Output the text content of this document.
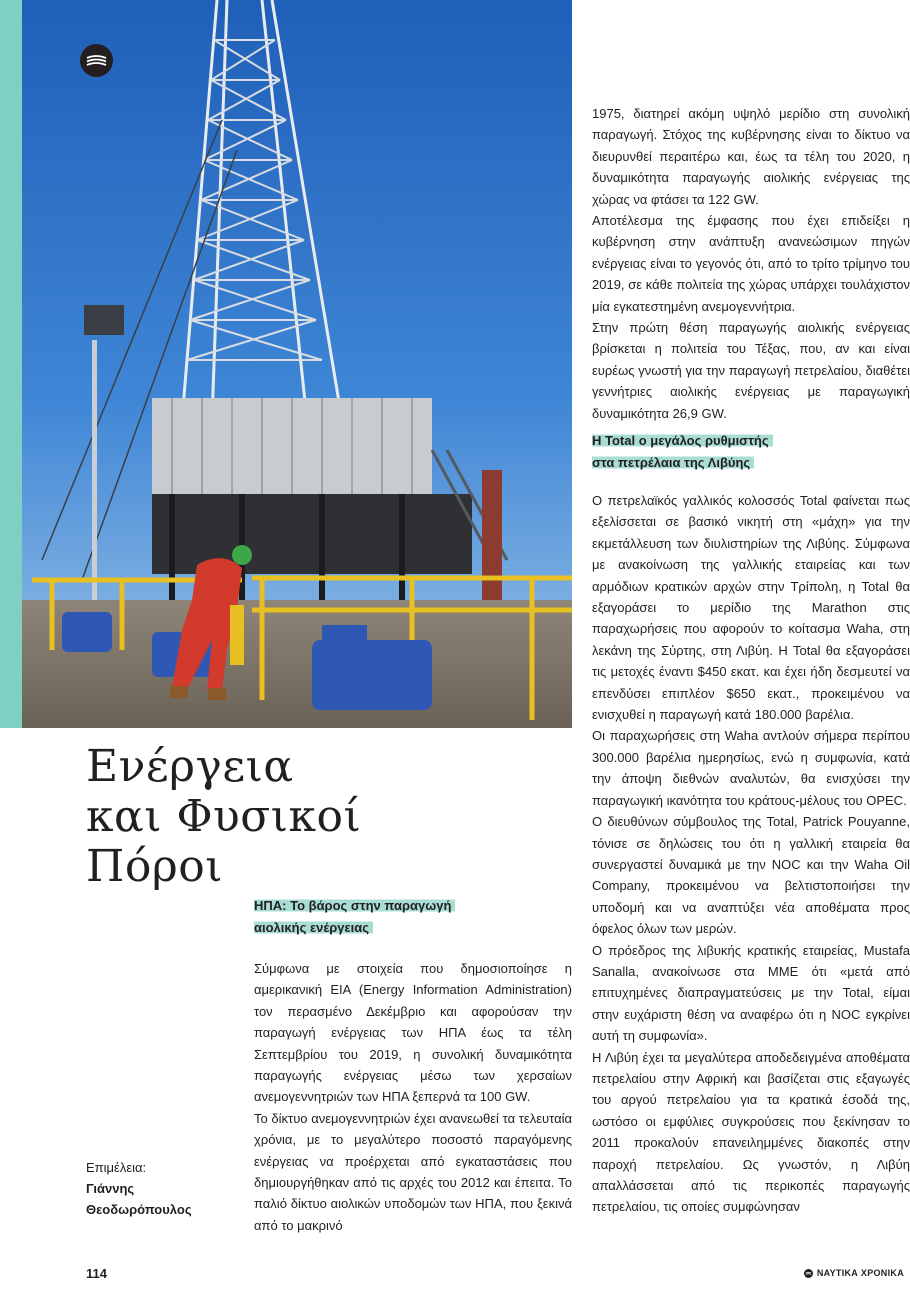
Ενέργεια
και Φυσικοί
Πόροι
Επιμέλεια:
Γιάννης
Θεοδωρόπουλος
ΗΠΑ: Το βάρος στην παραγωγή
αιολικής ενέργειας

Σύμφωνα με στοιχεία που δημοσιοποίησε η αμερικανική EIA (Energy Information Administration) τον περασμένο Δεκέμβριο και αφορούσαν την παραγωγή ενέργειας των ΗΠΑ έως τα τέλη Σεπτεμβρίου του 2019, η συνολική δυναμικότητα παραγωγής ενέργειας μέσω των χερσαίων ανεμογεννητριών των ΗΠΑ ξεπερνά τα 100 GW.

Το δίκτυο ανεμογεννητριών έχει ανανεωθεί τα τελευταία χρόνια, με το μεγαλύτερο ποσοστό παραγόμενης ενέργειας να προέρχεται από εγκαταστάσεις που δημιουργήθηκαν από τις αρχές του 2012 και έπειτα. Το παλιό δίκτυο αιολικών υποδομών των ΗΠΑ, που ξεκινά από το μακρινό

1975, διατηρεί ακόμη υψηλό μερίδιο στη συνολική παραγωγή. Στόχος της κυβέρνησης είναι το δίκτυο να διευρυνθεί περαιτέρω και, έως τα τέλη του 2020, η δυναμικότητα παραγωγής αιολικής ενέργειας της χώρας να φτάσει τα 122 GW.

Αποτέλεσμα της έμφασης που έχει επιδείξει η κυβέρνηση στην ανάπτυξη ανανεώσιμων πηγών ενέργειας είναι το γεγονός ότι, από το τρίτο τρίμηνο του 2019, σε κάθε πολιτεία της χώρας υπάρχει τουλάχιστον μία εγκατεστημένη ανεμογεννήτρια.

Στην πρώτη θέση παραγωγής αιολικής ενέργειας βρίσκεται η πολιτεία του Τέξας, που, αν και είναι ευρέως γνωστή για την παραγωγή πετρελαίου, διαθέτει γεννήτριες αιολικής ενέργειας με παραγωγική δυναμικότητα 26,9 GW.

Η Total ο μεγάλος ρυθμιστής
στα πετρέλαια της Λιβύης

Ο πετρελαϊκός γαλλικός κολοσσός Total φαίνεται πως εξελίσσεται σε βασικό νικητή στη «μάχη» για την εκμετάλλευση των διυλιστηρίων της Λιβύης. Σύμφωνα με ανακοίνωση της γαλλικής εταιρείας και των αρμόδιων κρατικών αρχών στην Τρίπολη, η Total θα εξαγοράσει το μερίδιο της Marathon στις παραχωρήσεις που αφορούν το κοίτασμα Waha, στη λεκάνη της Σύρτης, στη Λιβύη. Η Total θα εξαγοράσει τις μετοχές έναντι $450 εκατ. και έχει ήδη δεσμευτεί να επενδύσει επιπλέον $650 εκατ., προκειμένου να ενισχυθεί η παραγωγή κατά 180.000 βαρέλια.

Οι παραχωρήσεις στη Waha αντλούν σήμερα περίπου 300.000 βαρέλια ημερησίως, ενώ η συμφωνία, κατά την άποψη διεθνών αναλυτών, θα ενισχύσει την παραγωγική ικανότητα του κράτους-μέλους του OPEC.

Ο διευθύνων σύμβουλος της Total, Patrick Pouyanne, τόνισε σε δηλώσεις του ότι η γαλλική εταιρεία θα συνεργαστεί δυναμικά με την NOC και την Waha Oil Company, προκειμένου να βελτιστοποιήσει την υποδομή και να αναπτύξει νέα αποθέματα προς όφελος όλων των μερών.

Ο πρόεδρος της λιβυκής κρατικής εταιρείας, Mustafa Sanalla, ανακοίνωσε στα ΜΜΕ ότι «μετά από επιτυχημένες διαπραγματεύσεις με την Total, είμαι στην ευχάριστη θέση να αναφέρω ότι η NOC εγκρίνει αυτή τη συμφωνία».

Η Λιβύη έχει τα μεγαλύτερα αποδεδειγμένα αποθέματα πετρελαίου στην Αφρική και βασίζεται στις εξαγωγές του αργού πετρελαίου για τα κρατικά έσοδά της, ωστόσο οι εμφύλιες συγκρούσεις που ξεκίνησαν το 2011 προκαλούν επανειλημμένες διακοπές στην παροχή πετρελαίου. Ως γνωστόν, η Λιβύη απαλλάσσεται από τις περικοπές παραγωγής πετρελαίου, τις οποίες συμφώνησαν

114	ΝΑΥΤΙΚΑ ΧΡΟΝΙΚΑ
